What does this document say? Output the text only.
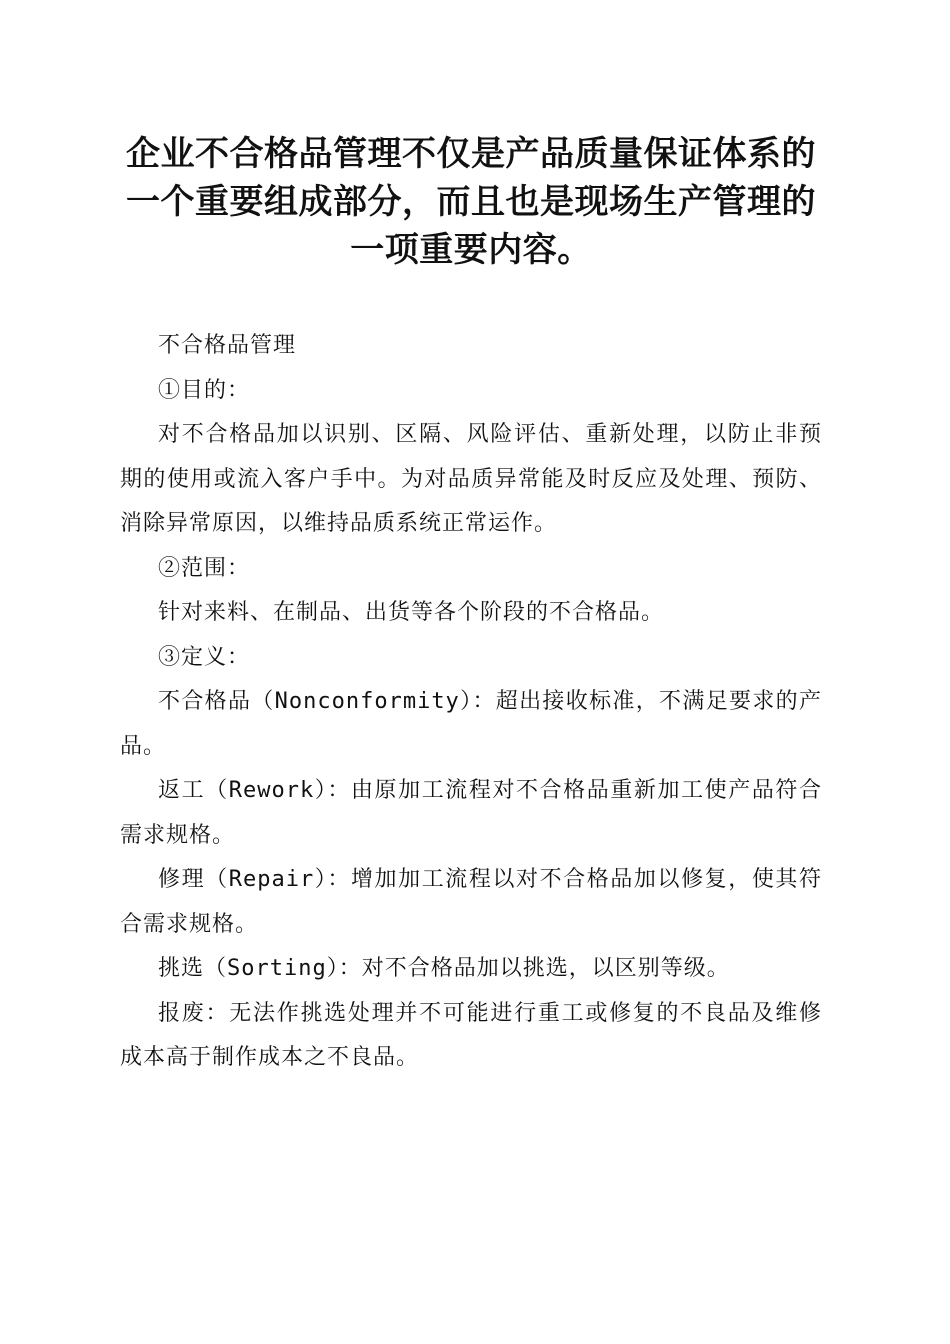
企业不合格品管理不仅是产品质量保证体系的一个重要组成部分，而且也是现场生产管理的一项重要内容。

不合格品管理

①目的：

对不合格品加以识别、区隔、风险评估、重新处理，以防止非预期的使用或流入客户手中。为对品质异常能及时反应及处理、预防、消除异常原因，以维持品质系统正常运作。

②范围：

针对来料、在制品、出货等各个阶段的不合格品。

③定义：

不合格品（Nonconformity）：超出接收标准，不满足要求的产品。

返工（Rework）：由原加工流程对不合格品重新加工使产品符合需求规格。

修理（Repair）：增加加工流程以对不合格品加以修复，使其符合需求规格。

挑选（Sorting）：对不合格品加以挑选，以区别等级。

报废：无法作挑选处理并不可能进行重工或修复的不良品及维修成本高于制作成本之不良品。
